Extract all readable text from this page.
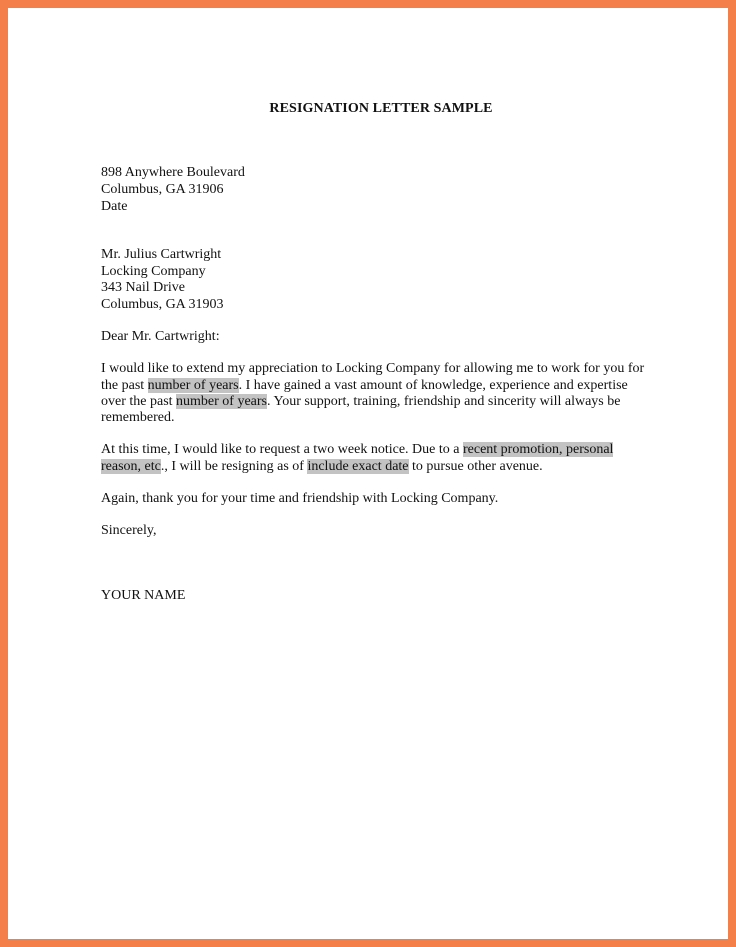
RESIGNATION LETTER SAMPLE
898 Anywhere Boulevard
Columbus, GA 31906
Date
Mr. Julius Cartwright
Locking Company
343 Nail Drive
Columbus, GA 31903
Dear Mr. Cartwright:
I would like to extend my appreciation to Locking Company for allowing me to work for you for
the past number of years. I have gained a vast amount of knowledge, experience and expertise
over the past number of years. Your support, training, friendship and sincerity will always be
remembered.
At this time, I would like to request a two week notice. Due to a recent promotion, personal
reason, etc., I will be resigning as of include exact date to pursue other avenue.
Again, thank you for your time and friendship with Locking Company.
Sincerely,
YOUR NAME
